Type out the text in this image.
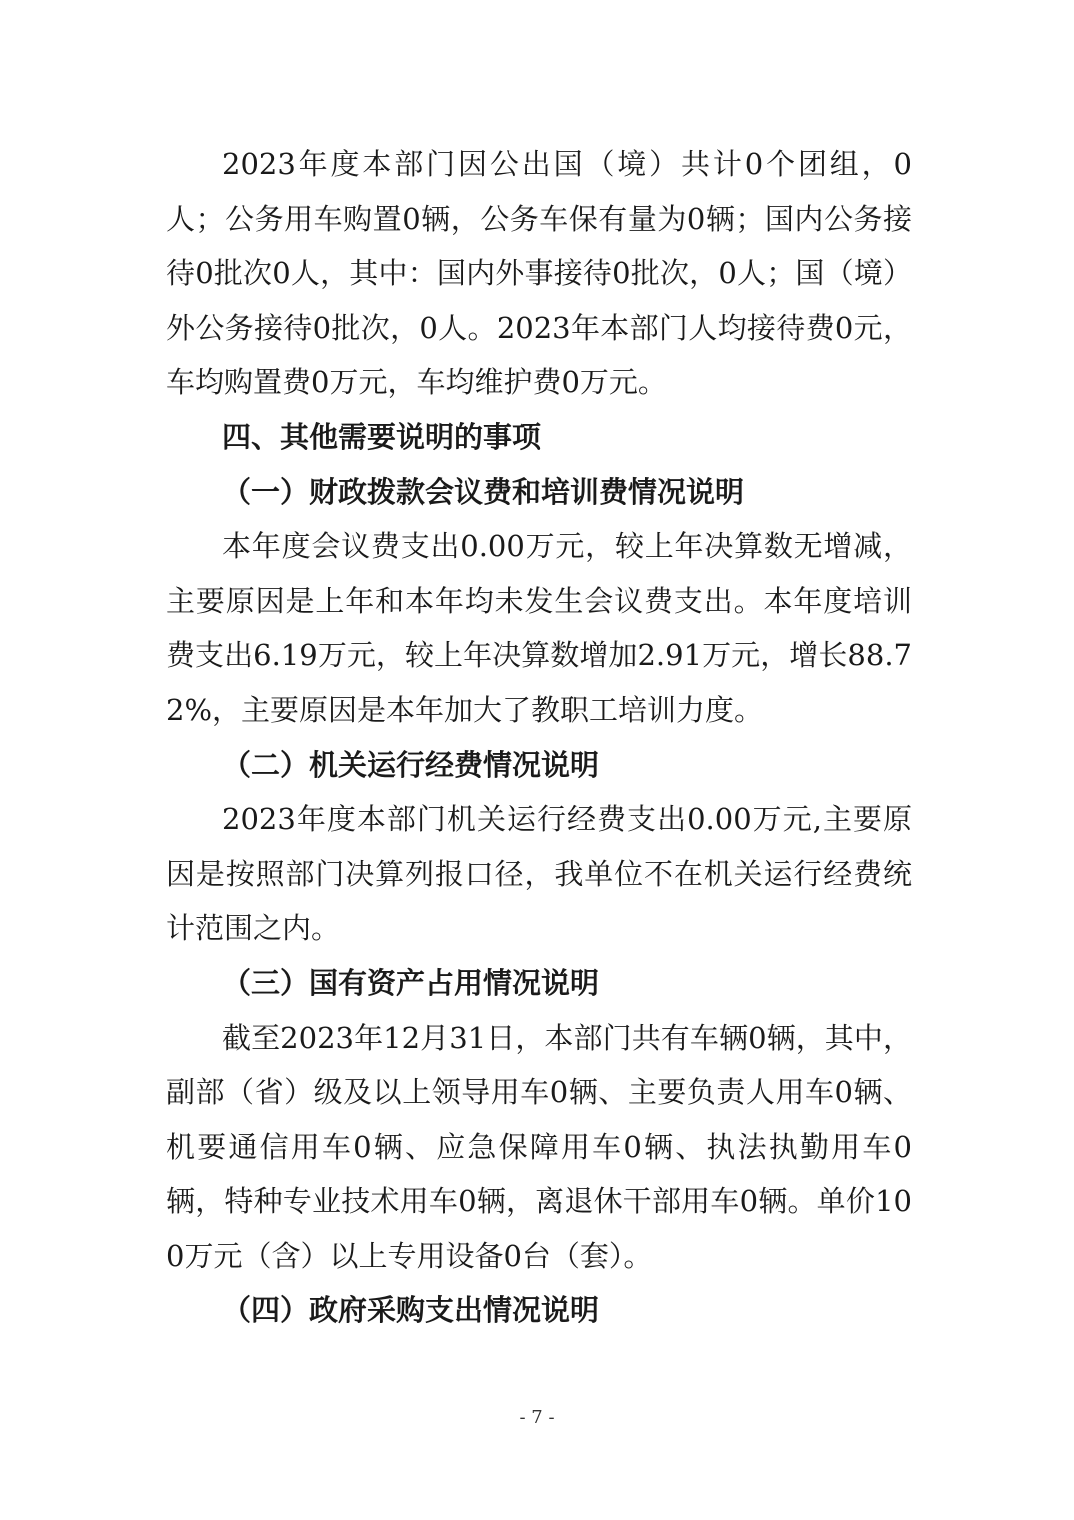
2023年度本部门因公出国（境）共计0个团组，0人；公务用车购置0辆，公务车保有量为0辆；国内公务接待0批次0人，其中：国内外事接待0批次，0人；国（境）外公务接待0批次，0人。2023年本部门人均接待费0元，车均购置费0万元，车均维护费0万元。

四、其他需要说明的事项

（一）财政拨款会议费和培训费情况说明

本年度会议费支出0.00万元，较上年决算数无增减，主要原因是上年和本年均未发生会议费支出。本年度培训费支出6.19万元，较上年决算数增加2.91万元，增长88.72%，主要原因是本年加大了教职工培训力度。

（二）机关运行经费情况说明

2023年度本部门机关运行经费支出0.00万元,主要原因是按照部门决算列报口径，我单位不在机关运行经费统计范围之内。

（三）国有资产占用情况说明

截至2023年12月31日，本部门共有车辆0辆，其中，副部（省）级及以上领导用车0辆、主要负责人用车0辆、机要通信用车0辆、应急保障用车0辆、执法执勤用车0辆，特种专业技术用车0辆，离退休干部用车0辆。单价100万元（含）以上专用设备0台（套）。

（四）政府采购支出情况说明

- 7 -
